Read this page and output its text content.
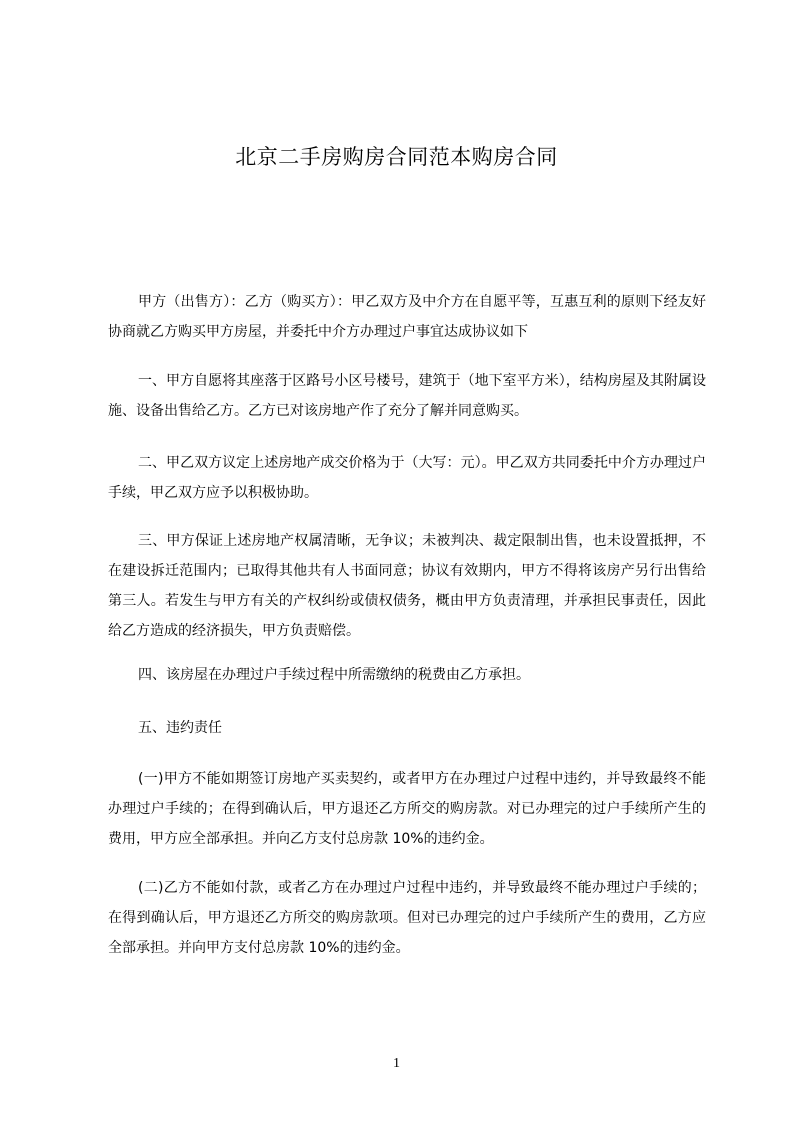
北京二手房购房合同范本购房合同

甲方（出售方）：乙方（购买方）：甲乙双方及中介方在自愿平等，互惠互利的原则下经友好协商就乙方购买甲方房屋，并委托中介方办理过户事宜达成协议如下

一、甲方自愿将其座落于区路号小区号楼号，建筑于（地下室平方米），结构房屋及其附属设施、设备出售给乙方。乙方已对该房地产作了充分了解并同意购买。

二、甲乙双方议定上述房地产成交价格为于（大写：元）。甲乙双方共同委托中介方办理过户手续，甲乙双方应予以积极协助。

三、甲方保证上述房地产权属清晰，无争议；未被判决、裁定限制出售，也未设置抵押，不在建设拆迁范围内；已取得其他共有人书面同意；协议有效期内，甲方不得将该房产另行出售给第三人。若发生与甲方有关的产权纠纷或债权债务，概由甲方负责清理，并承担民事责任，因此给乙方造成的经济损失，甲方负责赔偿。

四、该房屋在办理过户手续过程中所需缴纳的税费由乙方承担。

五、违约责任

(一)甲方不能如期签订房地产买卖契约，或者甲方在办理过户过程中违约，并导致最终不能办理过户手续的；在得到确认后，甲方退还乙方所交的购房款。对已办理完的过户手续所产生的费用，甲方应全部承担。并向乙方支付总房款 10%的违约金。

(二)乙方不能如付款，或者乙方在办理过户过程中违约，并导致最终不能办理过户手续的；在得到确认后，甲方退还乙方所交的购房款项。但对已办理完的过户手续所产生的费用，乙方应全部承担。并向甲方支付总房款 10%的违约金。

1
